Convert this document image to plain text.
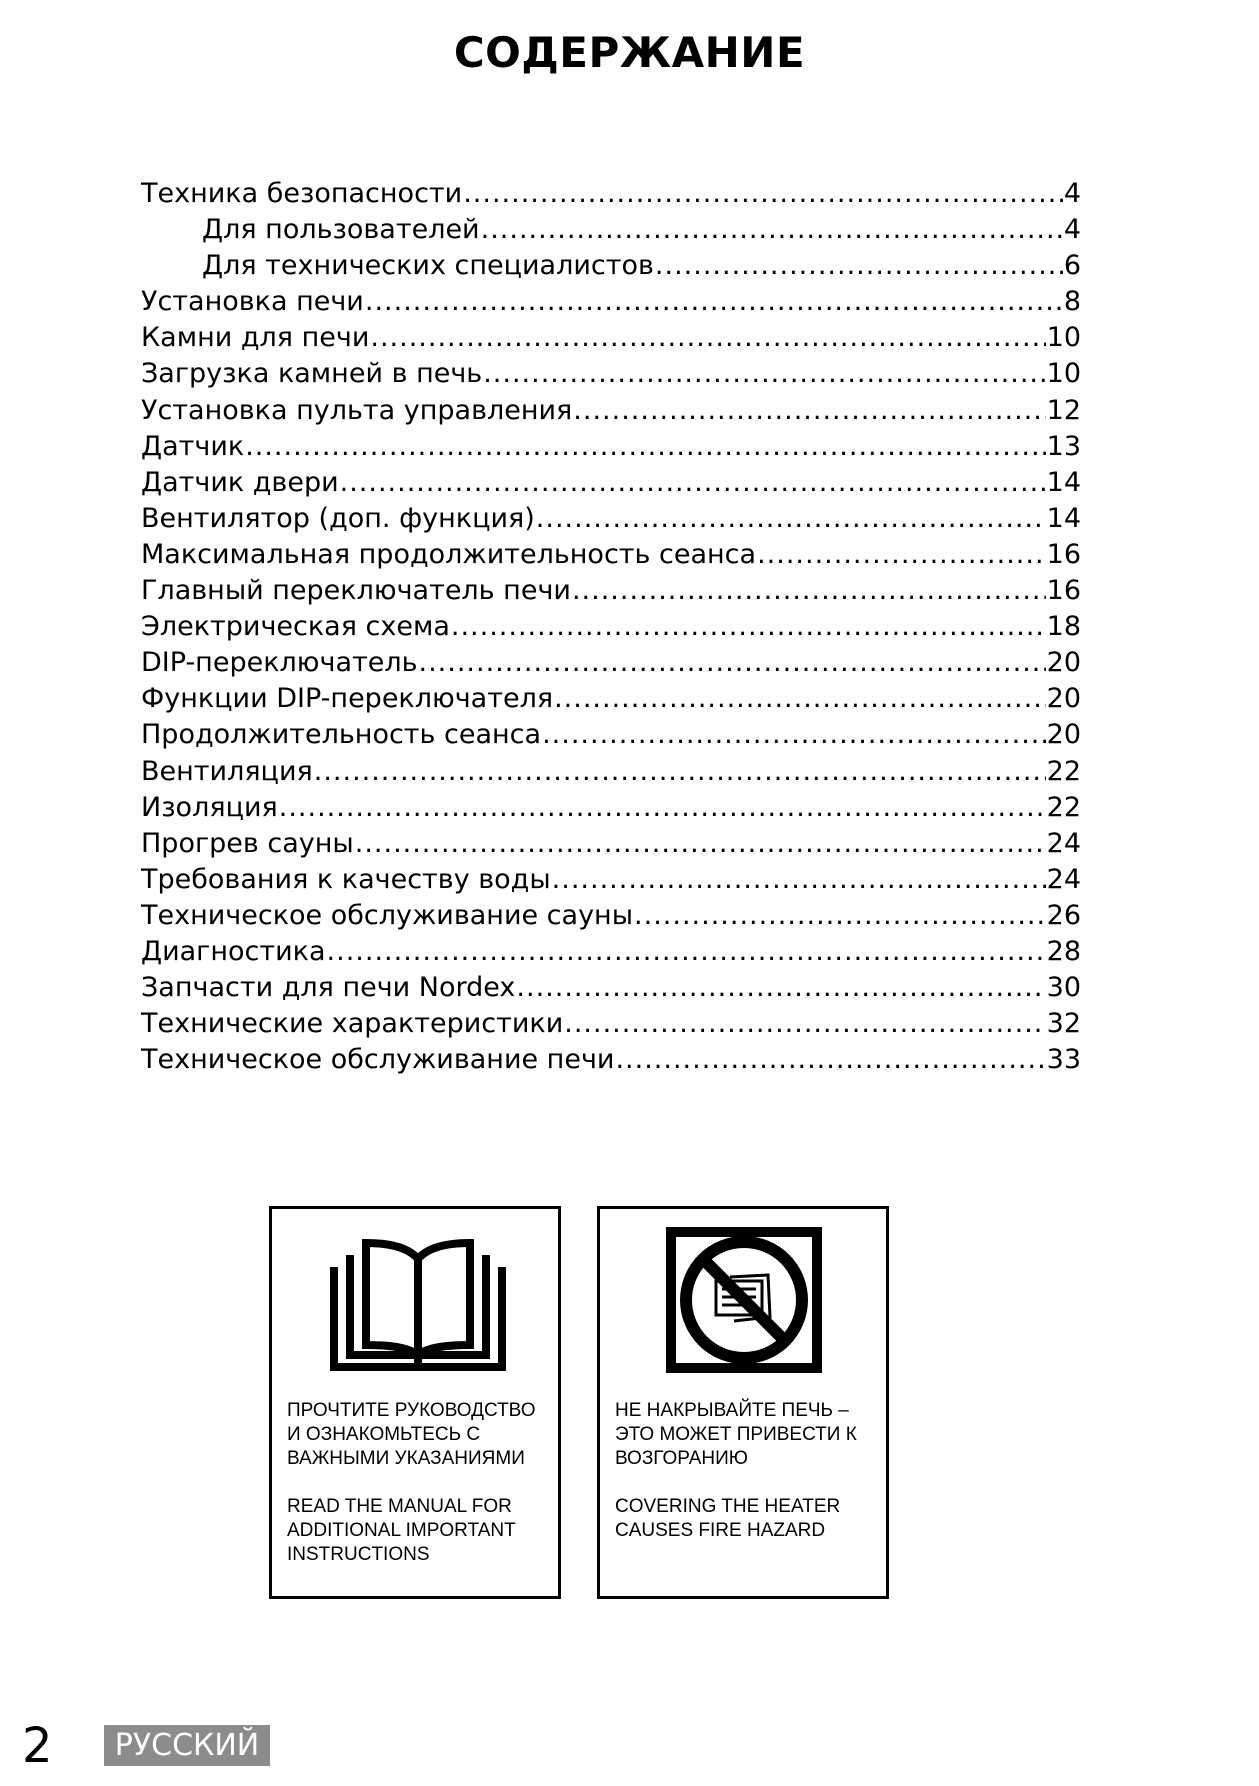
СОДЕРЖАНИЕ
Техника безопасности .....	4
Для пользователей .....	4
Для технических специалистов .....	6
Установка печи .....	8
Камни для печи .....	10
Загрузка камней в печь .....	10
Установка пульта управления .....	12
Датчик .....	13
Датчик двери .....	14
Вентилятор (доп. функция) .....	14
Максимальная продолжительность сеанса .....	16
Главный переключатель печи .....	16
Электрическая схема .....	18
DIP-переключатель .....	20
Функции DIP-переключателя .....	20
Продолжительность сеанса .....	20
Вентиляция .....	22
Изоляция .....	22
Прогрев сауны .....	24
Требования к качеству воды .....	24
Техническое обслуживание сауны .....	26
Диагностика .....	28
Запчасти для печи Nordex .....	30
Технические характеристики .....	32
Техническое обслуживание печи .....	33

ПРОЧТИТЕ РУКОВОДСТВО И ОЗНАКОМЬТЕСЬ С ВАЖНЫМИ УКАЗАНИЯМИ

READ THE MANUAL FOR ADDITIONAL IMPORTANT INSTRUCTIONS

НЕ НАКРЫВАЙТЕ ПЕЧЬ – ЭТО МОЖЕТ ПРИВЕСТИ К ВОЗГОРАНИЮ

COVERING THE HEATER CAUSES FIRE HAZARD

2	РУССКИЙ
